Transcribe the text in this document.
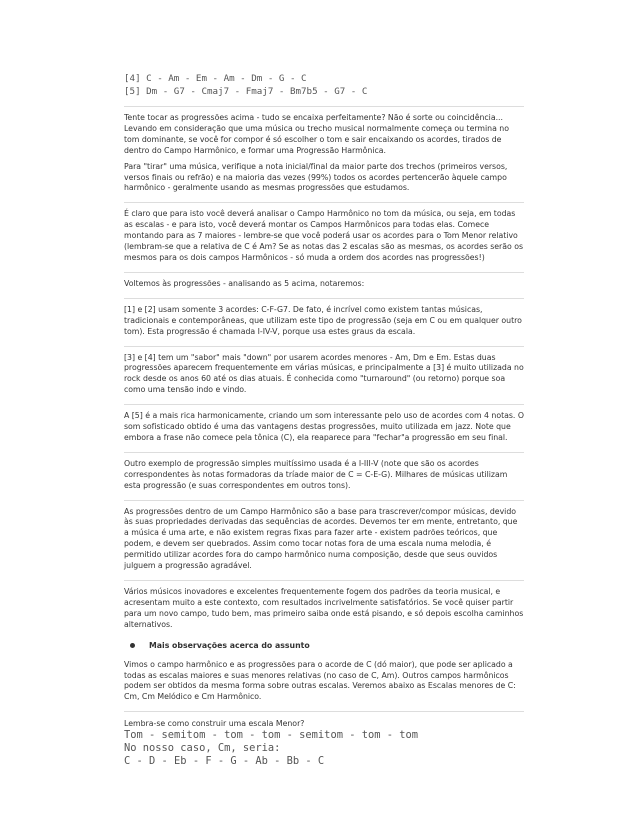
[4] C - Am - Em - Am - Dm - G - C
[5] Dm - G7 - Cmaj7 - Fmaj7 - Bm7b5 - G7 - C

Tente tocar as progressões acima - tudo se encaixa perfeitamente? Não é sorte ou coincidência... Levando em consideração que uma música ou trecho musical normalmente começa ou termina no tom dominante, se você for compor é só escolher o tom e sair encaixando os acordes, tirados de dentro do Campo Harmônico, e formar uma Progressão Harmônica.

Para "tirar" uma música, verifique a nota inicial/final da maior parte dos trechos (primeiros versos, versos finais ou refrão) e na maioria das vezes (99%) todos os acordes pertencerão àquele campo harmônico - geralmente usando as mesmas progressões que estudamos.

É claro que para isto você deverá analisar o Campo Harmônico no tom da música, ou seja, em todas as escalas - e para isto, você deverá montar os Campos Harmônicos para todas elas. Comece montando para as 7 maiores - lembre-se que você poderá usar os acordes para o Tom Menor relativo (lembram-se que a relativa de C é Am? Se as notas das 2 escalas são as mesmas, os acordes serão os mesmos para os dois campos Harmônicos - só muda a ordem dos acordes nas progressões!)

Voltemos às progressões - analisando as 5 acima, notaremos:

[1] e [2] usam somente 3 acordes: C-F-G7. De fato, é incrível como existem tantas músicas, tradicionais e contemporâneas, que utilizam este tipo de progressão (seja em C ou em qualquer outro tom). Esta progressão é chamada I-IV-V, porque usa estes graus da escala.

[3] e [4] tem um "sabor" mais "down" por usarem acordes menores - Am, Dm e Em. Estas duas progressões aparecem frequentemente em várias músicas, e principalmente a [3] é muito utilizada no rock desde os anos 60 até os dias atuais. É conhecida como "turnaround" (ou retorno) porque soa como uma tensão indo e vindo.

A [5] é a mais rica harmonicamente, criando um som interessante pelo uso de acordes com 4 notas. O som sofisticado obtido é uma das vantagens destas progressões, muito utilizada em jazz. Note que embora a frase não comece pela tônica (C), ela reaparece para "fechar"a progressão em seu final.

Outro exemplo de progressão simples muitíssimo usada é a I-III-V (note que são os acordes correspondentes às notas formadoras da tríade maior de C = C-E-G). Milhares de músicas utilizam esta progressão (e suas correspondentes em outros tons).

As progressões dentro de um Campo Harmônico são a base para trascrever/compor músicas, devido às suas propriedades derivadas das sequências de acordes. Devemos ter em mente, entretanto, que a música é uma arte, e não existem regras fixas para fazer arte - existem padrões teóricos, que podem, e devem ser quebrados. Assim como tocar notas fora de uma escala numa melodia, é permitido utilizar acordes fora do campo harmônico numa composição, desde que seus ouvidos julguem a progressão agradável.

Vários músicos inovadores e excelentes frequentemente fogem dos padrões da teoria musical, e acresentam muito a este contexto, com resultados incrivelmente satisfatórios. Se você quiser partir para um novo campo, tudo bem, mas primeiro saiba onde está pisando, e só depois escolha caminhos alternativos.

Mais observações acerca do assunto

Vimos o campo harmônico e as progressões para o acorde de C (dó maior), que pode ser aplicado a todas as escalas maiores e suas menores relativas (no caso de C, Am). Outros campos harmônicos podem ser obtidos da mesma forma sobre outras escalas. Veremos abaixo as Escalas menores de C: Cm, Cm Melódico e Cm Harmônico.

Lembra-se como construir uma escala Menor?
Tom - semitom - tom - tom - semitom - tom - tom
No nosso caso, Cm, seria:
C - D - Eb - F - G - Ab - Bb - C
